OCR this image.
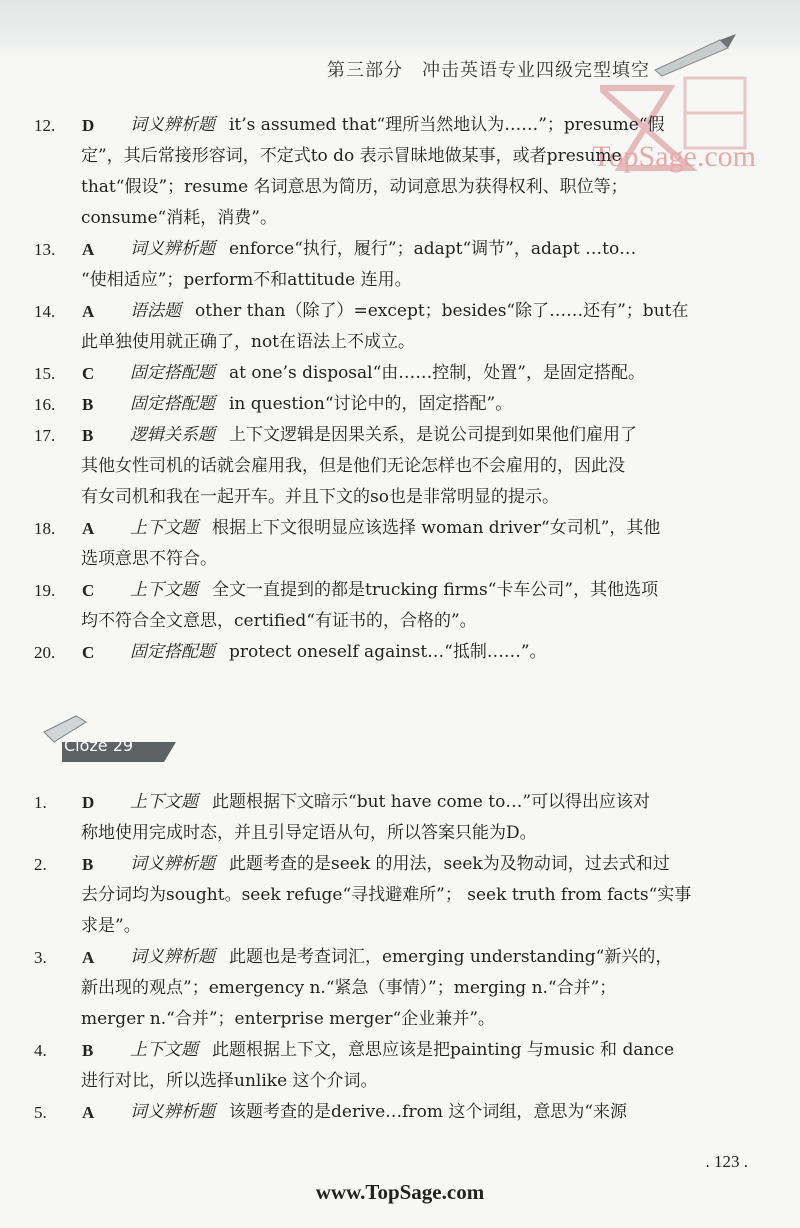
TopSage.com
第三部分　冲击英语专业四级完型填空
12.	D	词义辨析题 it’s assumed that“理所当然地认为……”；presume“假
定”，其后常接形容词，不定式to do 表示冒昧地做某事，或者presume
that“假设”；resume 名词意思为简历，动词意思为获得权利、职位等；
consume“消耗，消费”。
13.	A	词义辨析题 enforce“执行，履行”；adapt“调节”，adapt …to…
“使相适应”；perform不和attitude 连用。
14.	A	语法题 other than（除了）=except；besides“除了……还有”；but在
此单独使用就正确了，not在语法上不成立。
15.	C	固定搭配题 at one’s disposal“由……控制，处置”，是固定搭配。
16.	B	固定搭配题 in question“讨论中的，固定搭配”。
17.	B	逻辑关系题 上下文逻辑是因果关系，是说公司提到如果他们雇用了
其他女性司机的话就会雇用我，但是他们无论怎样也不会雇用的，因此没
有女司机和我在一起开车。并且下文的so也是非常明显的提示。
18.	A	上下文题 根据上下文很明显应该选择 woman driver“女司机”，其他
选项意思不符合。
19.	C	上下文题 全文一直提到的都是trucking firms“卡车公司”，其他选项
均不符合全文意思，certified“有证书的，合格的”。
20.	C	固定搭配题 protect oneself against…“抵制……”。
Cloze 29
1.	D	上下文题 此题根据下文暗示“but have come to…”可以得出应该对
称地使用完成时态，并且引导定语从句，所以答案只能为D。
2.	B	词义辨析题 此题考查的是seek 的用法，seek为及物动词，过去式和过
去分词均为sought。seek refuge“寻找避难所”； seek truth from facts“实事
求是”。
3.	A	词义辨析题 此题也是考查词汇，emerging understanding“新兴的，
新出现的观点”；emergency n.“紧急（事情）”；merging n.“合并”；
merger n.“合并”；enterprise merger“企业兼并”。
4.	B	上下文题 此题根据上下文，意思应该是把painting 与music 和 dance
进行对比，所以选择unlike 这个介词。
5.	A	词义辨析题 该题考查的是derive…from 这个词组，意思为“来源
. 123 .
www.TopSage.com
